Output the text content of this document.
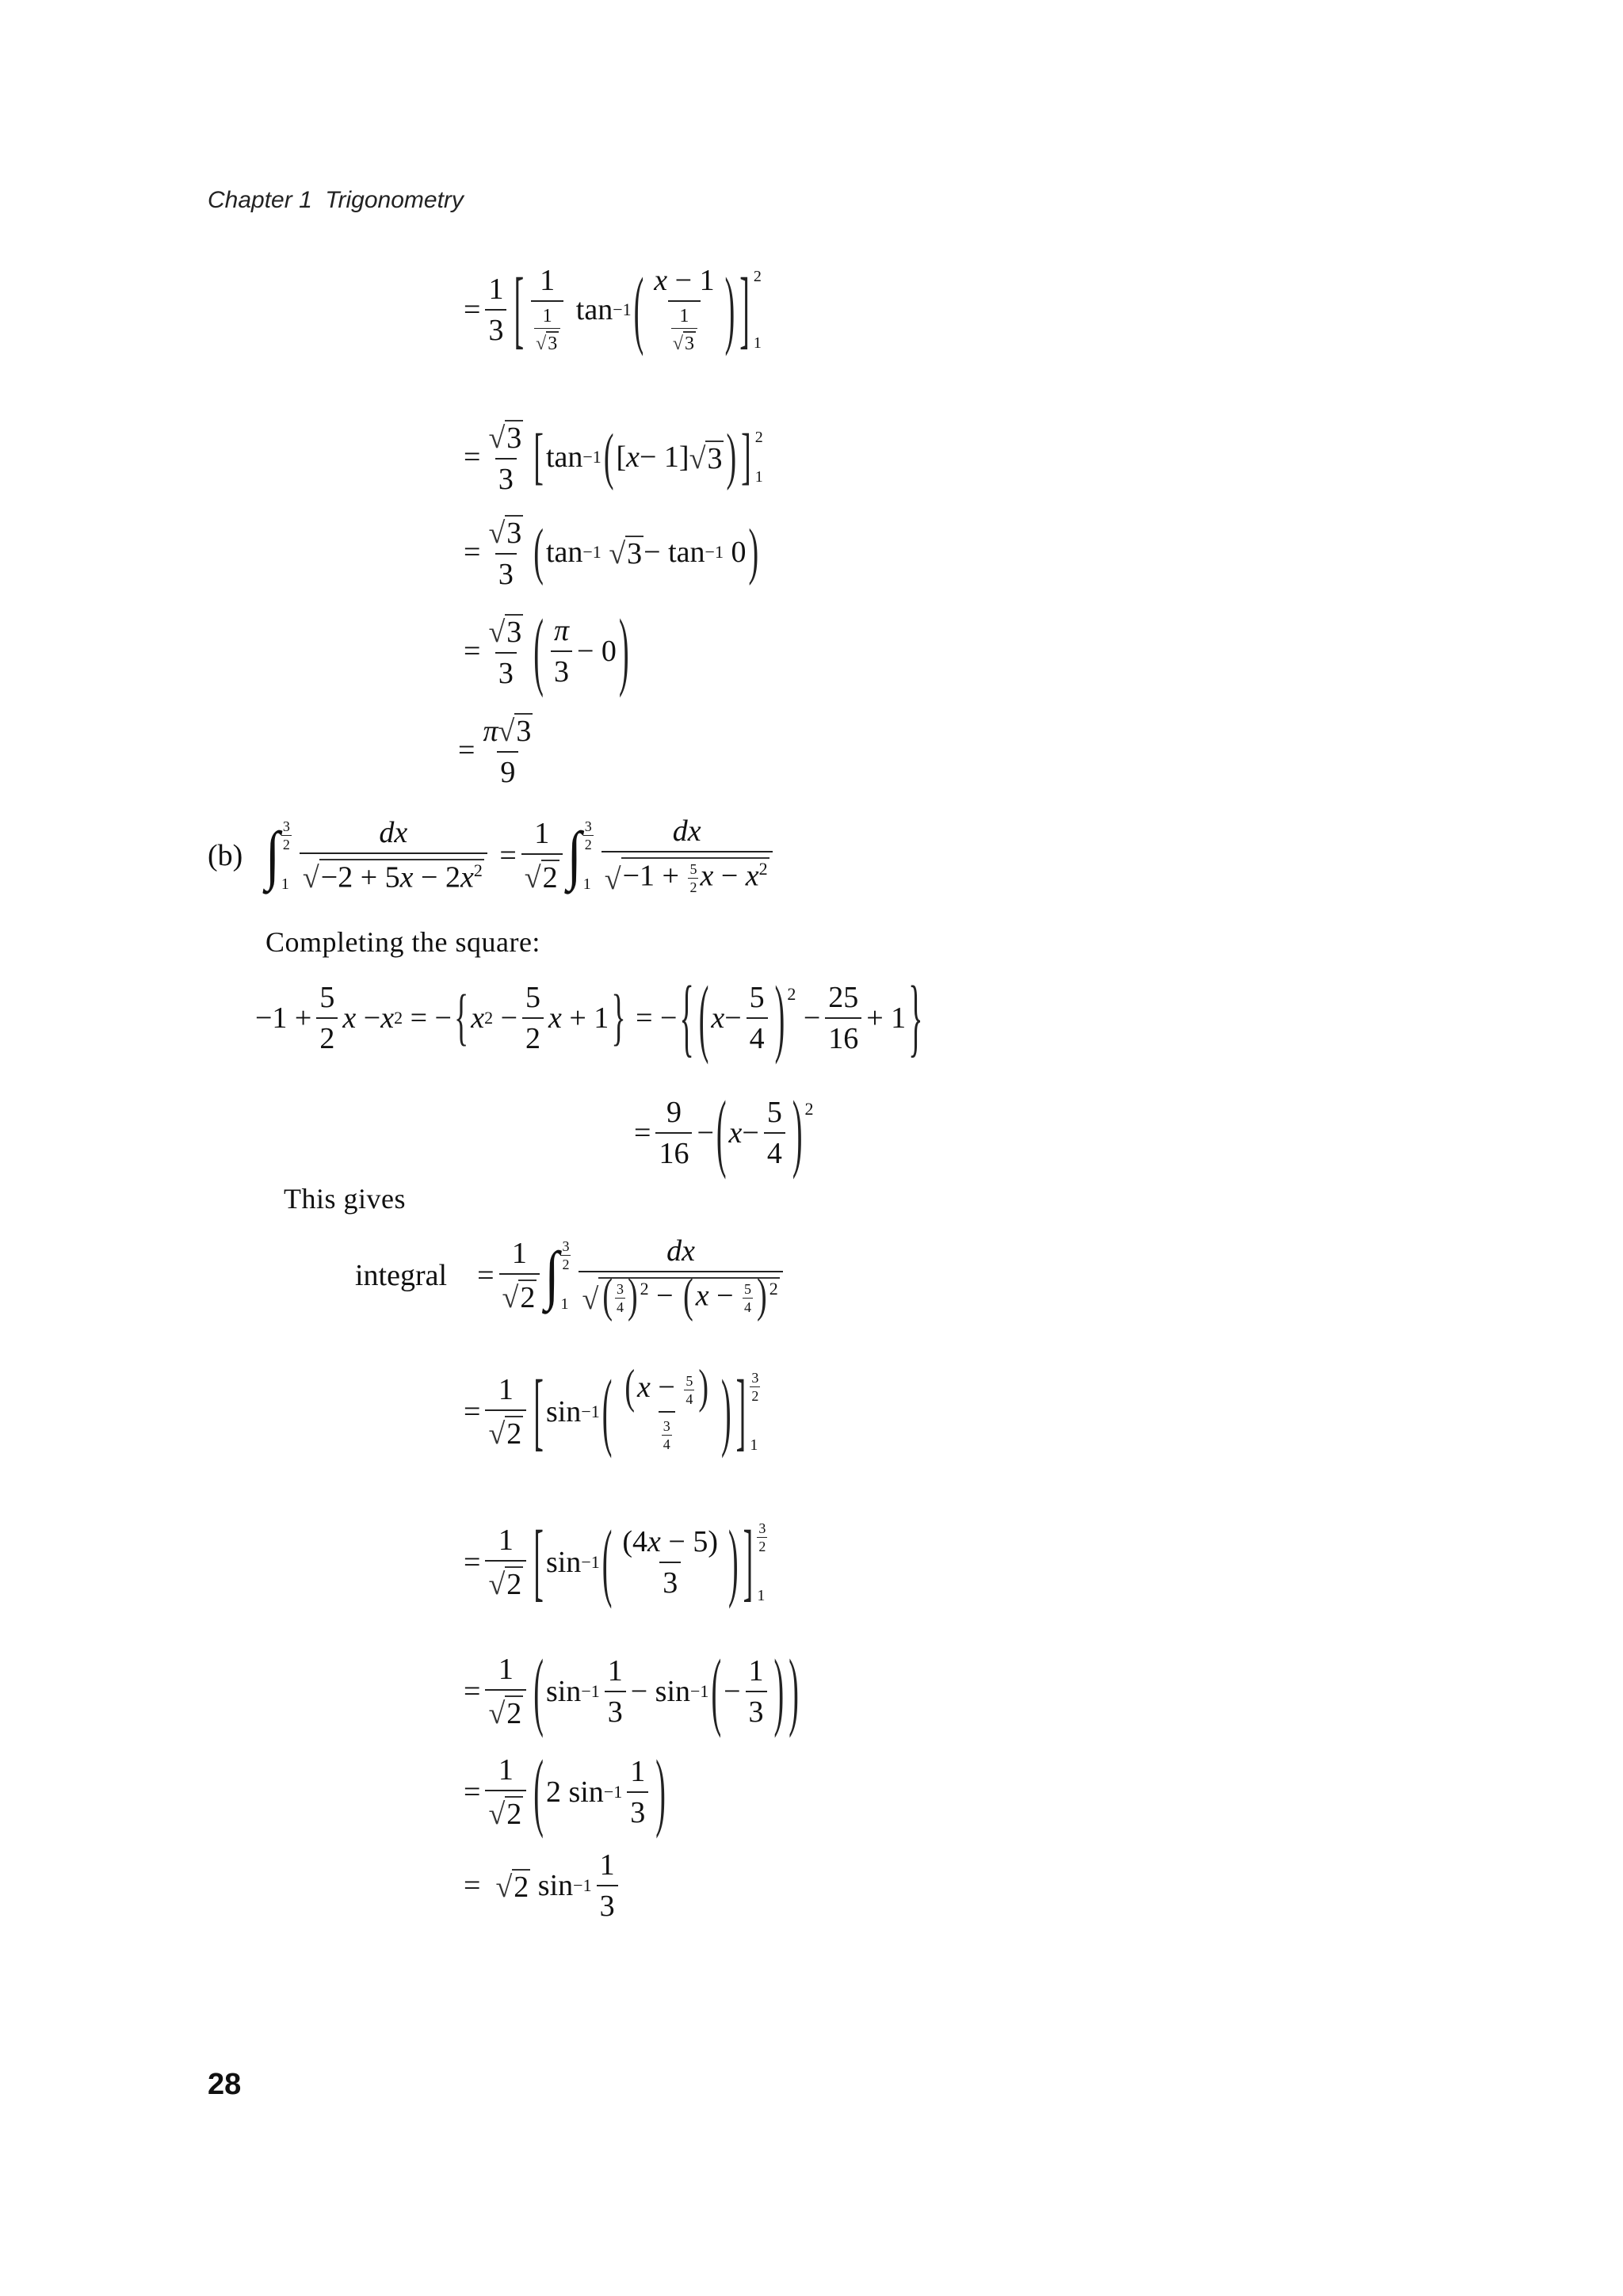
Chapter 1 Trigonometry
=
1
3 [ 1
$\frac{1}{√ 3}$ tan −1 ( x − 1
$\frac{1}{√ 3}$ ) ] 2
1
=
√ 3
3 [ tan −1 ( [ x − 1] √ 3 ) ] 2
1
=
√ 3
3 ( tan −1
√ 3 − tan −1 0 )
=
√ 3
3 ( π
3
− 0 )
=
π √ 3
9
(b)
∫ 3
2
1
dx
√ $-2 + 5x - 2x^2$ =
1
√ 2 ∫ 3
2
1
dx
√ $-1 + \frac{5}{2}$ $x - x^2$
Completing the square:
−1 +
5
2
x − x 2 = − { x 2 −
5
2
x + 1 } = − { ( x −
5
4 ) 2
−
25
16
+ 1 }
=
9
16
− ( x −
5
4 ) 2
This gives
integral =
1
√ 2 ∫ 3
2
1
dx
√ ( $\frac{3}{4}$ ) $^2 - (x - \frac{5}{4}$ ) $^2$
=
1
√ 2 [ sin −1 ( ($x - \frac{5}{4}$ )
$\frac{3}{4}$ ) ] 3
2
1
=
1
√ 2 [ sin −1 ( (4x − 5)
3 ) ] 3
2
1
=
1
√ 2 ( sin −1
1
3
− sin −1 ( −
1
3 ) )
=
1
√ 2 ( 2 sin −1
1
3 )
= √ 2 sin −1
1
3
28
